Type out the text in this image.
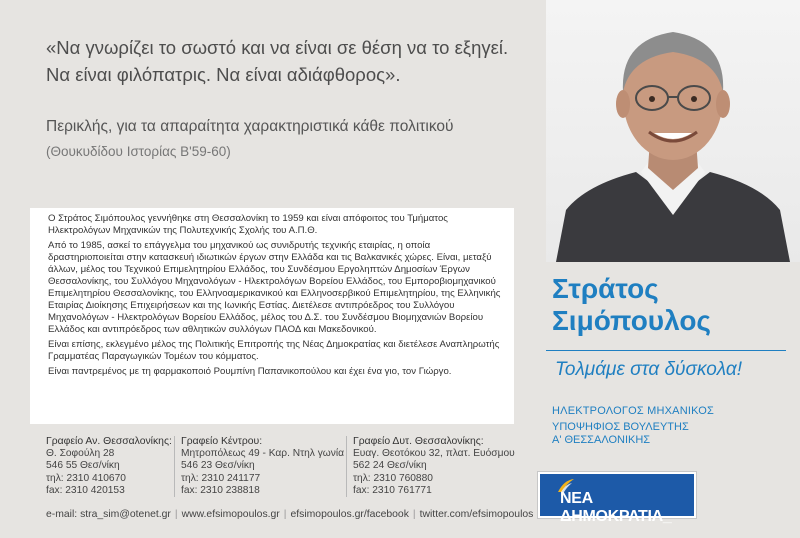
«Να γνωρίζει το σωστό και να είναι σε θέση να το εξηγεί.
Να είναι φιλόπατρις. Να είναι αδιάφθορος».
Περικλής, για τα απαραίτητα χαρακτηριστικά κάθε πολιτικού
(Θουκυδίδου Ιστορίας Β'59-60)

Ο Στράτος Σιμόπουλος γεννήθηκε στη Θεσσαλονίκη το 1959 και είναι απόφοιτος του Τμήματος Ηλεκτρολόγων Μηχανικών της Πολυτεχνικής Σχολής του Α.Π.Θ.

Από το 1985, ασκεί το επάγγελμα του μηχανικού ως συνιδρυτής τεχνικής εταιρίας, η οποία δραστηριοποιείται στην κατασκευή ιδιωτικών έργων στην Ελλάδα και τις Βαλκανικές χώρες. Είναι, μεταξύ άλλων, μέλος του Τεχνικού Επιμελητηρίου Ελλάδος, του Συνδέσμου Εργοληπτών Δημοσίων Έργων Θεσσαλονίκης, του Συλλόγου Μηχανολόγων - Ηλεκτρολόγων Βορείου Ελλάδος, του Εμπορο​βιομηχανικού Επιμελητηρίου Θεσσαλονίκης, του Ελληνοαμερικανικού και Ελληνοσερβικού Επιμελητηρίου, της Ελληνικής Εταιρίας Διοίκησης Επιχειρήσεων και της Ιωνικής Εστίας. Διετέλεσε αντιπρόεδρος του Συλλόγου Μηχανολόγων - Ηλεκτρολόγων Βορείου Ελλάδος, μέλος του Δ.Σ. του Συνδέσμου Βιομηχανιών Βορείου Ελλάδος και αντιπρόεδρος των αθλητικών συλλόγων ΠΑΟΔ και Μακεδονικού.

Είναι επίσης, εκλεγμένο μέλος της Πολιτικής Επιτροπής της Νέας Δημοκρατίας και διετέλεσε Αναπληρωτής Γραμματέας Παραγωγικών Τομέων του κόμματος.

Είναι παντρεμένος με τη φαρμακοποιό Ρουμπίνη Παπανικοπούλου και έχει ένα γιο, τον Γιώργο.

Στράτος
Σιμόπουλος
Τολμάμε στα δύσκολα!
ΗΛΕΚΤΡΟΛΟΓΟΣ ΜΗΧΑΝΙΚΟΣ
ΥΠΟΨΗΦΙΟΣ ΒΟΥΛΕΥΤΗΣ
Α' ΘΕΣΣΑΛΟΝΙΚΗΣ
Γραφείο Αν. Θεσσαλονίκης:
Θ. Σοφούλη 28
546 55 Θεσ/νίκη
τηλ: 2310 410670
fax: 2310 420153
Γραφείο Κέντρου:
Μητροπόλεως 49 - Καρ. Ντηλ γωνία
546 23 Θεσ/νίκη
τηλ: 2310 241177
fax: 2310 238818
Γραφείο Δυτ. Θεσσαλονίκης:
Ευαγ. Θεοτόκου 32, πλατ. Ευόσμου
562 24 Θεσ/νίκη
τηλ: 2310 760880
fax: 2310 761771
e-mail: stra_sim@otenet.gr | www.efsimopoulos.gr | efsimopoulos.gr/facebook | twitter.com/efsimopoulos
ΝΕΑ ΔΗΜΟΚΡΑΤΙΑ_
